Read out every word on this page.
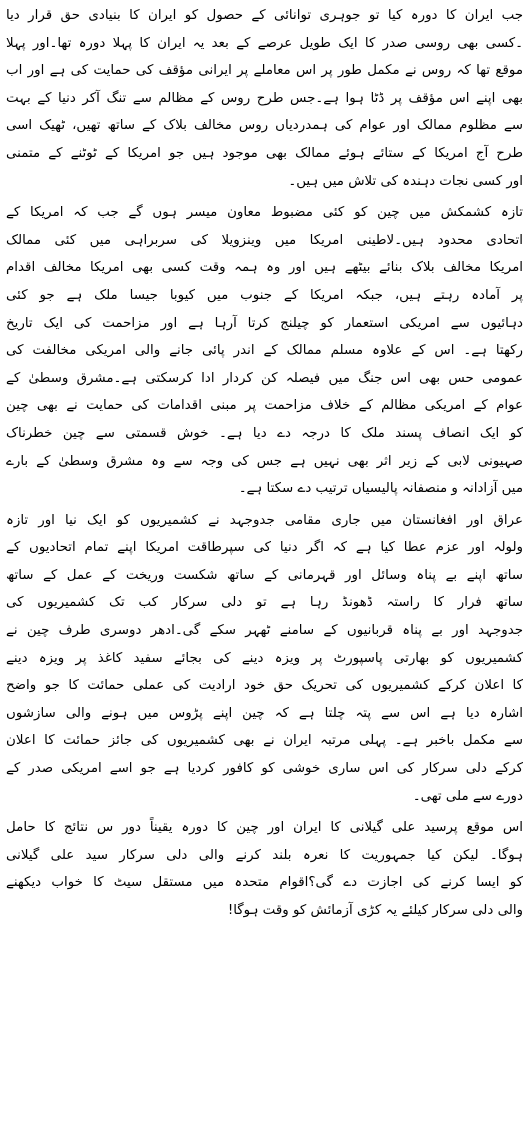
جب ایران کا دورہ کیا تو جوہری توانائی کے حصول کو ایران کا بنیادی حق قرار دیا
۔کسی بھی روسی صدر کا ایک طویل عرصے کے بعد یہ ایران کا پہلا دورہ تھا۔اور پہلا
موقع تھا کہ روس نے مکمل طور پر اس معاملے پر ایرانی مؤقف کی حمایت کی ہے اور اب
بھی اپنے اس مؤقف پر ڈٹا ہوا ہے۔جس طرح روس کے مظالم سے تنگ آکر دنیا کے بہت
سے مظلوم ممالک اور عوام کی ہمدردیاں روس مخالف بلاک کے ساتھ تھیں، ٹھیک اسی
طرح آج امریکا کے ستائے ہوئے ممالک بھی موجود ہیں جو امریکا کے ٹوٹنے کے متمنی
اور کسی نجات دہندہ کی تلاش میں ہیں۔
تازہ کشمکش میں چین کو کئی مضبوط معاون میسر ہوں گے جب کہ امریکا کے
اتحادی محدود ہیں۔لاطینی امریکا میں وینزویلا کی سربراہی میں کئی ممالک
امریکا مخالف بلاک بنائے بیٹھے ہیں اور وہ ہمہ وقت کسی بھی امریکا مخالف اقدام
پر آمادہ رہتے ہیں، جبکہ امریکا کے جنوب میں کیوبا جیسا ملک ہے جو کئی
دہائیوں سے امریکی استعمار کو چیلنج کرتا آرہا ہے اور مزاحمت کی ایک تاریخ
رکھتا ہے۔ اس کے علاوہ مسلم ممالک کے اندر پائی جانے والی امریکی مخالفت کی
عمومی حس بھی اس جنگ میں فیصلہ کن کردار ادا کرسکتی ہے۔مشرق وسطیٰ کے
عوام کے امریکی مظالم کے خلاف مزاحمت پر مبنی اقدامات کی حمایت نے بھی چین
کو ایک انصاف پسند ملک کا درجہ دے دیا ہے۔ خوش قسمتی سے چین خطرناک
صہیونی لابی کے زیر اثر بھی نہیں ہے جس کی وجہ سے وہ مشرق وسطیٰ کے بارے
میں آزادانہ و منصفانہ پالیسیاں ترتیب دے سکتا ہے۔
عراق اور افغانستان میں جاری مقامی جدوجہد نے کشمیریوں کو ایک نیا اور تازہ
ولولہ اور عزم عطا کیا ہے کہ اگر دنیا کی سپرطاقت امریکا اپنے تمام اتحادیوں کے
ساتھ اپنے بے پناہ وسائل اور قہرمانی کے ساتھ شکست وریخت کے عمل کے ساتھ
ساتھ فرار کا راستہ ڈھونڈ رہا ہے تو دلی سرکار کب تک کشمیریوں کی
جدوجہد اور بے پناہ قربانیوں کے سامنے ٹھہر سکے گی۔ادھر دوسری طرف چین نے
کشمیریوں کو بھارتی پاسپورٹ پر ویزہ دینے کی بجائے سفید کاغذ پر ویزہ دینے
کا اعلان کرکے کشمیریوں کی تحریک حق خود ارادیت کی عملی حمائت کا جو واضح
اشارہ دیا ہے اس سے پتہ چلتا ہے کہ چین اپنے پڑوس میں ہونے والی سازشوں
سے مکمل باخبر ہے۔ پہلی مرتبہ ایران نے بھی کشمیریوں کی جائز حمائت کا اعلان
کرکے دلی سرکار کی اس ساری خوشی کو کافور کردیا ہے جو اسے امریکی صدر کے
دورے سے ملی تھی۔
اس موقع پرسید علی گیلانی کا ایران اور چین کا دورہ یقیناً دور س نتائج کا حامل
ہوگا۔ لیکن کیا جمہوریت کا نعرہ بلند کرنے والی دلی سرکار سید علی گیلانی
کو ایسا کرنے کی اجازت دے گی؟اقوام متحدہ میں مستقل سیٹ کا خواب دیکھنے
والی دلی سرکار کیلئے یہ کڑی آزمائش کو وقت ہوگا!
